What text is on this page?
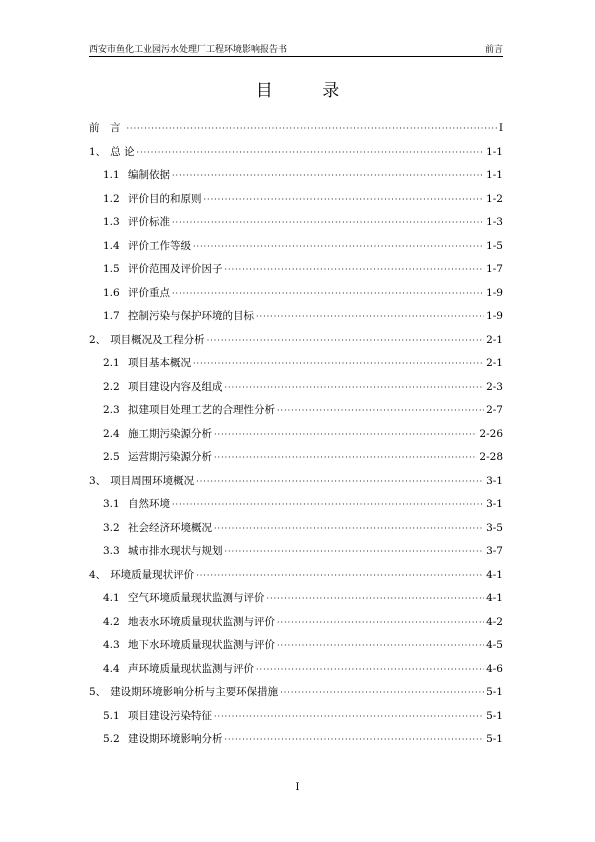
西安市鱼化工业园污水处理厂工程环境影响报告书	前言
目 录
前　言 ·····	I
1、 总 论 ·····	1-1
1.1 编制依据 ·····	1-1
1.2 评价目的和原则 ·····	1-2
1.3 评价标准 ·····	1-3
1.4 评价工作等级 ·····	1-5
1.5 评价范围及评价因子 ·····	1-7
1.6 评价重点 ·····	1-9
1.7 控制污染与保护环境的目标 ·····	1-9
2、 项目概况及工程分析 ·····	2-1
2.1 项目基本概况 ·····	2-1
2.2 项目建设内容及组成 ·····	2-3
2.3 拟建项目处理工艺的合理性分析 ·····	2-7
2.4 施工期污染源分析 ·····	2-26
2.5 运营期污染源分析 ·····	2-28
3、 项目周围环境概况 ·····	3-1
3.1 自然环境 ·····	3-1
3.2 社会经济环境概况 ·····	3-5
3.3 城市排水现状与规划 ·····	3-7
4、 环境质量现状评价 ·····	4-1
4.1 空气环境质量现状监测与评价 ·····	4-1
4.2 地表水环境质量现状监测与评价 ·····	4-2
4.3 地下水环境质量现状监测与评价 ·····	4-5
4.4 声环境质量现状监测与评价 ·····	4-6
5、 建设期环境影响分析与主要环保措施 ·····	5-1
5.1 项目建设污染特征 ·····	5-1
5.2 建设期环境影响分析 ·····	5-1
I
